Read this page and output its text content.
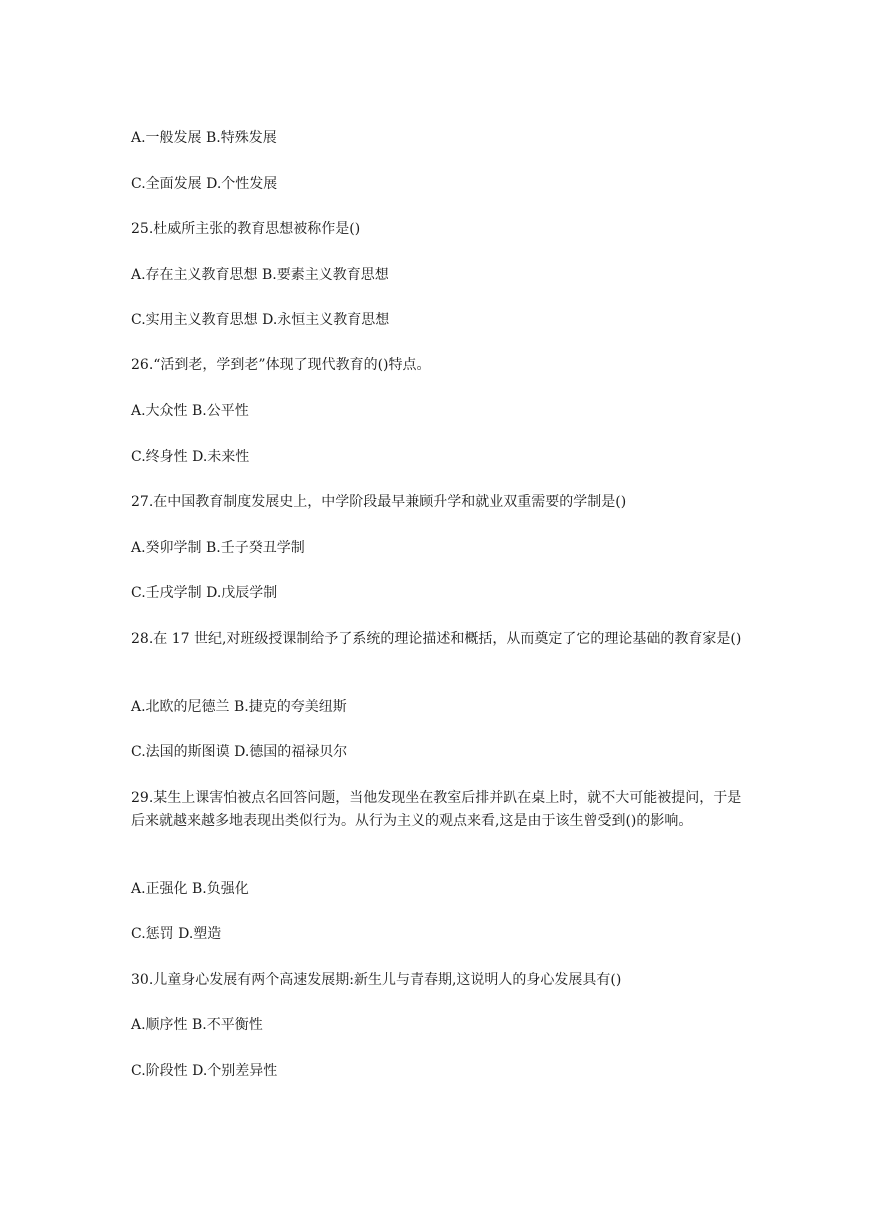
A.一般发展 B.特殊发展
C.全面发展 D.个性发展
25.杜威所主张的教育思想被称作是()
A.存在主义教育思想 B.要素主义教育思想
C.实用主义教育思想 D.永恒主义教育思想
26.“活到老，学到老”体现了现代教育的()特点。
A.大众性 B.公平性
C.终身性 D.未来性
27.在中国教育制度发展史上，中学阶段最早兼顾升学和就业双重需要的学制是()
A.癸卯学制 B.壬子癸丑学制
C.壬戌学制 D.戊辰学制
28.在 17 世纪,对班级授课制给予了系统的理论描述和概括，从而奠定了它的理论基础的教育家是()
A.北欧的尼德兰 B.捷克的夸美纽斯
C.法国的斯图谟 D.德国的福禄贝尔
29.某生上课害怕被点名回答问题，当他发现坐在教室后排并趴在桌上时，就不大可能被提问，于是后来就越来越多地表现出类似行为。从行为主义的观点来看,这是由于该生曾受到()的影响。
A.正强化 B.负强化
C.惩罚 D.塑造
30.儿童身心发展有两个高速发展期:新生儿与青春期,这说明人的身心发展具有()
A.顺序性 B.不平衡性
C.阶段性 D.个别差异性
